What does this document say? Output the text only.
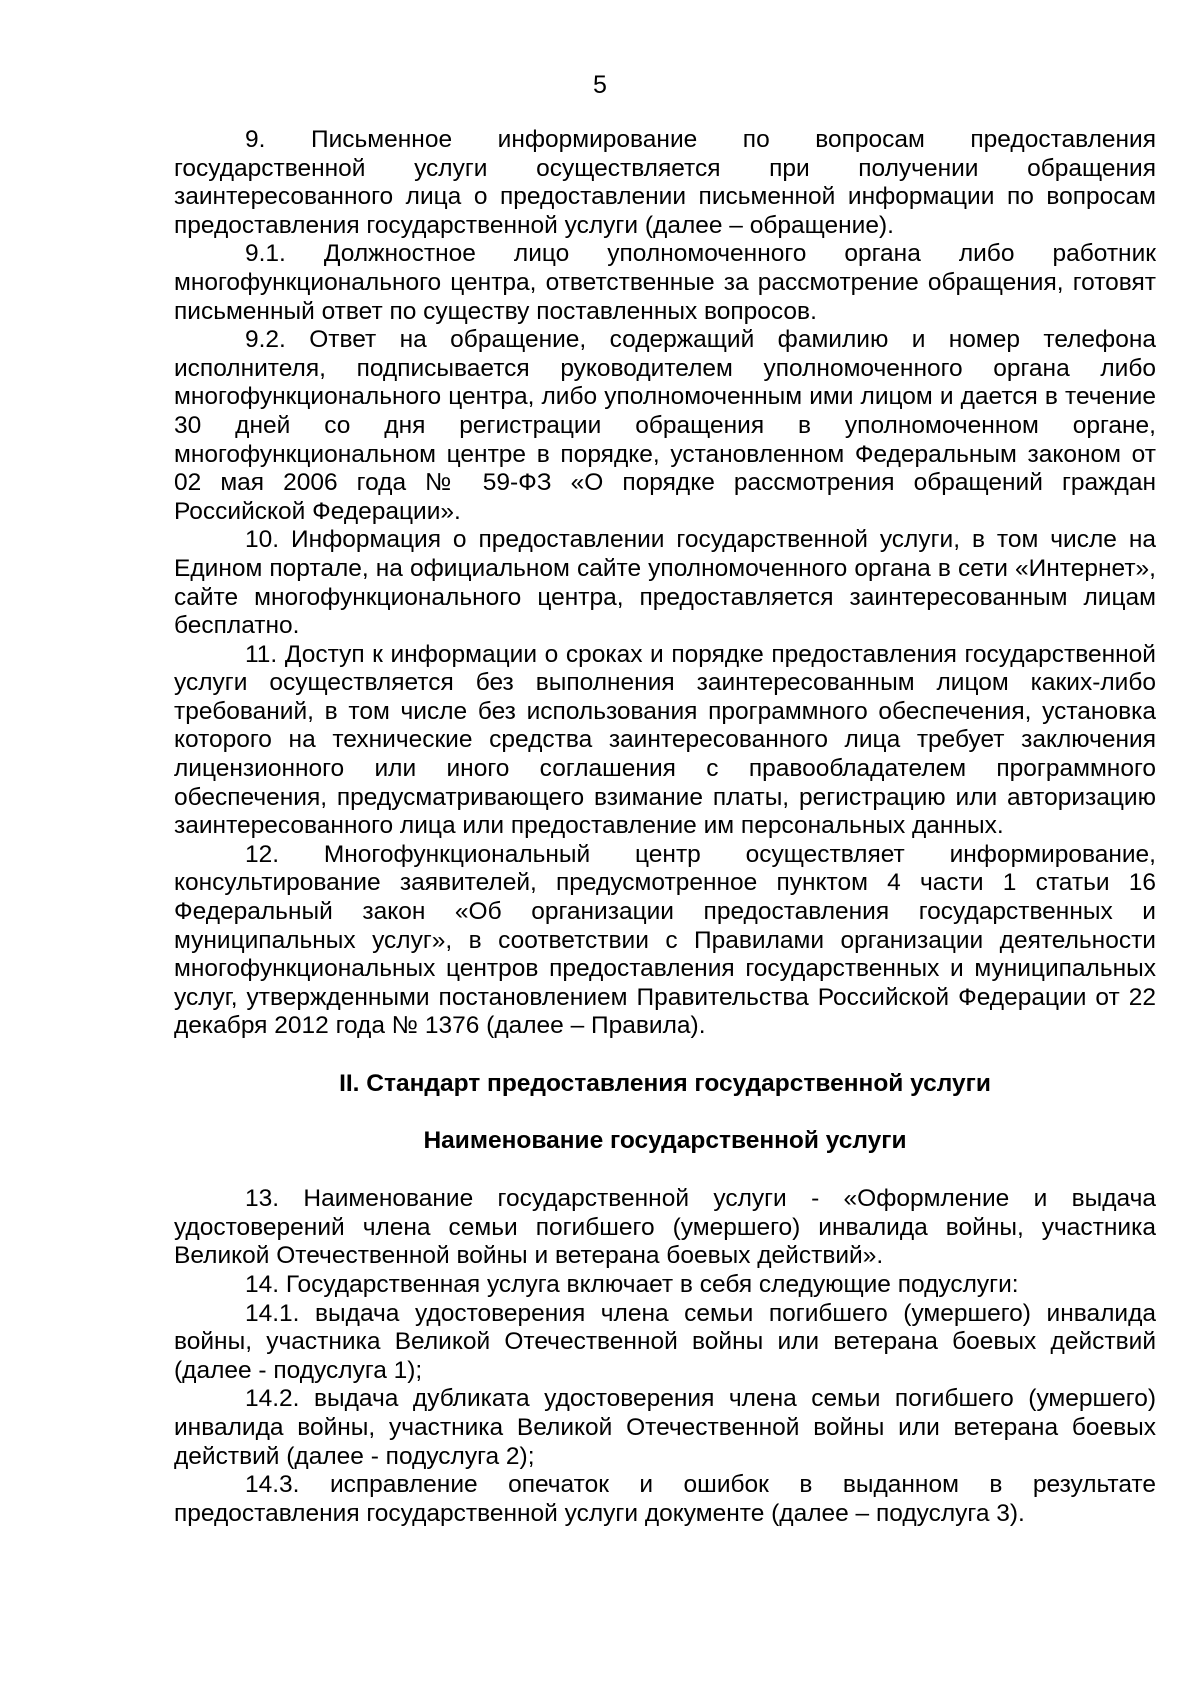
5

9. Письменное информирование по вопросам предоставления государственной услуги осуществляется при получении обращения заинтересованного лица о предоставлении письменной информации по вопросам предоставления государственной услуги (далее – обращение).

9.1. Должностное лицо уполномоченного органа либо работник многофункционального центра, ответственные за рассмотрение обращения, готовят письменный ответ по существу поставленных вопросов.

9.2. Ответ на обращение, содержащий фамилию и номер телефона исполнителя, подписывается руководителем уполномоченного органа либо многофункционального центра, либо уполномоченным ими лицом и дается в течение 30 дней со дня регистрации обращения в уполномоченном органе, многофункциональном центре в порядке, установленном Федеральным законом от 02 мая 2006 года № 59-ФЗ «О порядке рассмотрения обращений граждан Российской Федерации».

10. Информация о предоставлении государственной услуги, в том числе на Едином портале, на официальном сайте уполномоченного органа в сети «Интернет», сайте многофункционального центра, предоставляется заинтересованным лицам бесплатно.

11. Доступ к информации о сроках и порядке предоставления государственной услуги осуществляется без выполнения заинтересованным лицом каких-либо требований, в том числе без использования программного обеспечения, установка которого на технические средства заинтересованного лица требует заключения лицензионного или иного соглашения с правообладателем программного обеспечения, предусматривающего взимание платы, регистрацию или авторизацию заинтересованного лица или предоставление им персональных данных.

12. Многофункциональный центр осуществляет информирование, консультирование заявителей, предусмотренное пунктом 4 части 1 статьи 16 Федеральный закон «Об организации предоставления государственных и муниципальных услуг», в соответствии с Правилами организации деятельности многофункциональных центров предоставления государственных и муниципальных услуг, утвержденными постановлением Правительства Российской Федерации от 22 декабря 2012 года № 1376 (далее – Правила).

II. Стандарт предоставления государственной услуги
Наименование государственной услуги

13. Наименование государственной услуги - «Оформление и выдача удостоверений члена семьи погибшего (умершего) инвалида войны, участника Великой Отечественной войны и ветерана боевых действий».

14. Государственная услуга включает в себя следующие подуслуги:

14.1. выдача удостоверения члена семьи погибшего (умершего) инвалида войны, участника Великой Отечественной войны или ветерана боевых действий (далее - подуслуга 1);

14.2. выдача дубликата удостоверения члена семьи погибшего (умершего) инвалида войны, участника Великой Отечественной войны или ветерана боевых действий (далее - подуслуга 2);

14.3. исправление опечаток и ошибок в выданном в результате предоставления государственной услуги документе (далее – подуслуга 3).
